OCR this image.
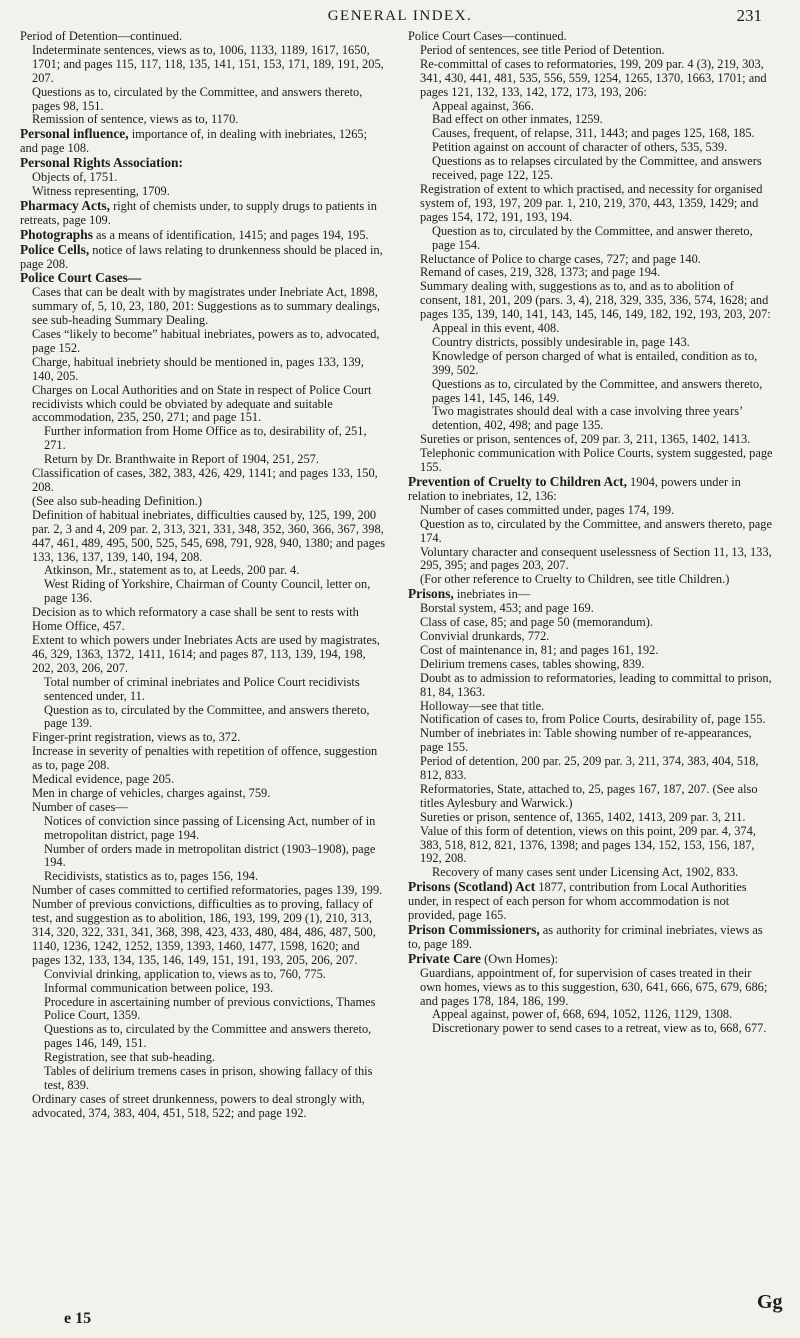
GENERAL INDEX.	231

Period of Detention—continued.

Indeterminate sentences, views as to, 1006, 1133, 1189, 1617, 1650, 1701; and pages 115, 117, 118, 135, 141, 151, 153, 171, 189, 191, 205, 207.

Questions as to, circulated by the Committee, and answers thereto, pages 98, 151.

Remission of sentence, views as to, 1170.

Personal influence, importance of, in dealing with inebriates, 1265; and page 108.

Personal Rights Association:

Objects of, 1751.

Witness representing, 1709.

Pharmacy Acts, right of chemists under, to supply drugs to patients in retreats, page 109.

Photographs as a means of identification, 1415; and pages 194, 195.

Police Cells, notice of laws relating to drunkenness should be placed in, page 208.

Police Court Cases—

Cases that can be dealt with by magistrates under Inebriate Act, 1898, summary of, 5, 10, 23, 180, 201: Suggestions as to summary dealings, see sub-heading Summary Dealing.

Cases “likely to become” habitual inebriates, powers as to, advocated, page 152.

Charge, habitual inebriety should be mentioned in, pages 133, 139, 140, 205.

Charges on Local Authorities and on State in respect of Police Court recidivists which could be obviated by adequate and suitable accommodation, 235, 250, 271; and page 151.

Further information from Home Office as to, desirability of, 251, 271.

Return by Dr. Branthwaite in Report of 1904, 251, 257.

Classification of cases, 382, 383, 426, 429, 1141; and pages 133, 150, 208.

(See also sub-heading Definition.)

Definition of habitual inebriates, difficulties caused by, 125, 199, 200 par. 2, 3 and 4, 209 par. 2, 313, 321, 331, 348, 352, 360, 366, 367, 398, 447, 461, 489, 495, 500, 525, 545, 698, 791, 928, 940, 1380; and pages 133, 136, 137, 139, 140, 194, 208.

Atkinson, Mr., statement as to, at Leeds, 200 par. 4.

West Riding of Yorkshire, Chairman of County Council, letter on, page 136.

Decision as to which reformatory a case shall be sent to rests with Home Office, 457.

Extent to which powers under Inebriates Acts are used by magistrates, 46, 329, 1363, 1372, 1411, 1614; and pages 87, 113, 139, 194, 198, 202, 203, 206, 207.

Total number of criminal inebriates and Police Court recidivists sentenced under, 11.

Question as to, circulated by the Committee, and answers thereto, page 139.

Finger-print registration, views as to, 372.

Increase in severity of penalties with repetition of offence, suggestion as to, page 208.

Medical evidence, page 205.

Men in charge of vehicles, charges against, 759.

Number of cases—

Notices of conviction since passing of Licensing Act, number of in metropolitan district, page 194.

Number of orders made in metropolitan district (1903–1908), page 194.

Recidivists, statistics as to, pages 156, 194.

Number of cases committed to certified reformatories, pages 139, 199.

Number of previous convictions, difficulties as to proving, fallacy of test, and suggestion as to abolition, 186, 193, 199, 209 (1), 210, 313, 314, 320, 322, 331, 341, 368, 398, 423, 433, 480, 484, 486, 487, 500, 1140, 1236, 1242, 1252, 1359, 1393, 1460, 1477, 1598, 1620; and pages 132, 133, 134, 135, 146, 149, 151, 191, 193, 205, 206, 207.

Convivial drinking, application to, views as to, 760, 775.

Informal communication between police, 193.

Procedure in ascertaining number of previous convictions, Thames Police Court, 1359.

Questions as to, circulated by the Committee and answers thereto, pages 146, 149, 151.

Registration, see that sub-heading.

Tables of delirium tremens cases in prison, showing fallacy of this test, 839.

Ordinary cases of street drunkenness, powers to deal strongly with, advocated, 374, 383, 404, 451, 518, 522; and page 192.

Police Court Cases—continued.

Period of sentences, see title Period of Detention.

Re-committal of cases to reformatories, 199, 209 par. 4 (3), 219, 303, 341, 430, 441, 481, 535, 556, 559, 1254, 1265, 1370, 1663, 1701; and pages 121, 132, 133, 142, 172, 173, 193, 206:

Appeal against, 366.

Bad effect on other inmates, 1259.

Causes, frequent, of relapse, 311, 1443; and pages 125, 168, 185.

Petition against on account of character of others, 535, 539.

Questions as to relapses circulated by the Committee, and answers received, page 122, 125.

Registration of extent to which practised, and necessity for organised system of, 193, 197, 209 par. 1, 210, 219, 370, 443, 1359, 1429; and pages 154, 172, 191, 193, 194.

Question as to, circulated by the Committee, and answer thereto, page 154.

Reluctance of Police to charge cases, 727; and page 140.

Remand of cases, 219, 328, 1373; and page 194.

Summary dealing with, suggestions as to, and as to abolition of consent, 181, 201, 209 (pars. 3, 4), 218, 329, 335, 336, 574, 1628; and pages 135, 139, 140, 141, 143, 145, 146, 149, 182, 192, 193, 203, 207:

Appeal in this event, 408.

Country districts, possibly undesirable in, page 143.

Knowledge of person charged of what is entailed, condition as to, 399, 502.

Questions as to, circulated by the Committee, and answers thereto, pages 141, 145, 146, 149.

Two magistrates should deal with a case involving three years’ detention, 402, 498; and page 135.

Sureties or prison, sentences of, 209 par. 3, 211, 1365, 1402, 1413.

Telephonic communication with Police Courts, system suggested, page 155.

Prevention of Cruelty to Children Act, 1904, powers under in relation to inebriates, 12, 136:

Number of cases committed under, pages 174, 199.

Question as to, circulated by the Committee, and answers thereto, page 174.

Voluntary character and consequent uselessness of Section 11, 13, 133, 295, 395; and pages 203, 207.

(For other reference to Cruelty to Children, see title Children.)

Prisons, inebriates in—

Borstal system, 453; and page 169.

Class of case, 85; and page 50 (memorandum).

Convivial drunkards, 772.

Cost of maintenance in, 81; and pages 161, 192.

Delirium tremens cases, tables showing, 839.

Doubt as to admission to reformatories, leading to committal to prison, 81, 84, 1363.

Holloway—see that title.

Notification of cases to, from Police Courts, desirability of, page 155.

Number of inebriates in: Table showing number of re-appearances, page 155.

Period of detention, 200 par. 25, 209 par. 3, 211, 374, 383, 404, 518, 812, 833.

Reformatories, State, attached to, 25, pages 167, 187, 207. (See also titles Aylesbury and Warwick.)

Sureties or prison, sentence of, 1365, 1402, 1413, 209 par. 3, 211.

Value of this form of detention, views on this point, 209 par. 4, 374, 383, 518, 812, 821, 1376, 1398; and pages 134, 152, 153, 156, 187, 192, 208.

Recovery of many cases sent under Licensing Act, 1902, 833.

Prisons (Scotland) Act 1877, contribution from Local Authorities under, in respect of each person for whom accommodation is not provided, page 165.

Prison Commissioners, as authority for criminal inebriates, views as to, page 189.

Private Care (Own Homes):

Guardians, appointment of, for supervision of cases treated in their own homes, views as to this suggestion, 630, 641, 666, 675, 679, 686; and pages 178, 184, 186, 199.

Appeal against, power of, 668, 694, 1052, 1126, 1129, 1308.

Discretionary power to send cases to a retreat, view as to, 668, 677.

e 15
Gg
